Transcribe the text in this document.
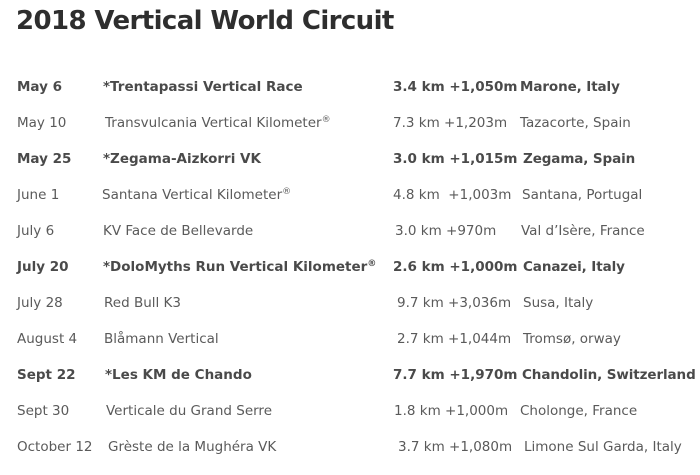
2018 Vertical World Circuit
May 6	*Trentapassi Vertical Race	3.4 km +1,050m Marone, Italy
May 10	Transvulcania Vertical Kilometer®	7.3 km +1,203m Tazacorte, Spain
May 25 *Zegama-Aizkorri VK	3.0 km +1,015m Zegama, Spain
June 1	Santana Vertical Kilometer®	4.8 km  +1,003m Santana, Portugal
July 6	KV Face de Bellevarde	3.0 km +970m Val d’Isère, France
July 20	*DoloMyths Run Vertical Kilometer® 2.6 km +1,000m Canazei, Italy
July 28	Red Bull K3	9.7 km +3,036m Susa, Italy
August 4 Blåmann Vertical	2.7 km +1,044m Tromsø, orway
Sept 22 *Les KM de Chando	7.7 km +1,970m Chandolin, Switzerland
Sept 30	Verticale du Grand Serre	1.8 km +1,000m Cholonge, France
October 12 Grèste de la Mughéra VK	3.7 km +1,080m Limone Sul Garda, Italy
